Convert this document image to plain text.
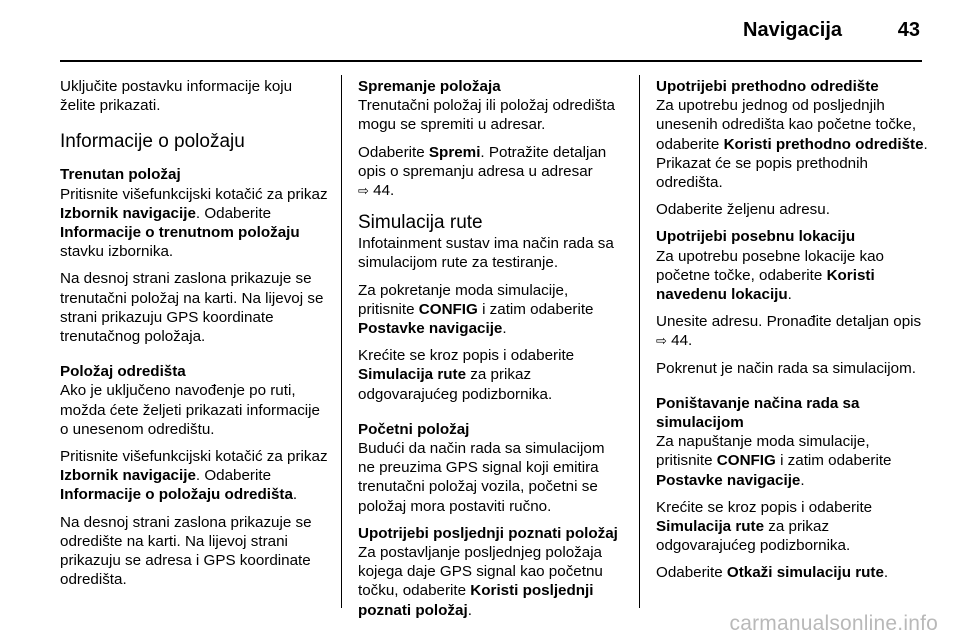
Navigacija	43

Uključite postavku informacije koju želite prikazati.

Informacije o položaju

Trenutan položaj

Pritisnite višefunkcijski kotačić za prikaz Izbornik navigacije. Odaberite Informacije o trenutnom položaju stavku izbornika.

Na desnoj strani zaslona prikazuje se trenutačni položaj na karti. Na lijevoj se strani prikazuju GPS koordinate trenutačnog položaja.

Položaj odredišta

Ako je uključeno navođenje po ruti, možda ćete željeti prikazati informacije o unesenom odredištu.

Pritisnite višefunkcijski kotačić za prikaz Izbornik navigacije. Odaberite Informacije o položaju odredišta.

Na desnoj strani zaslona prikazuje se odredište na karti. Na lijevoj strani prikazuju se adresa i GPS koordinate odredišta.

Spremanje položaja

Trenutačni položaj ili položaj odredišta mogu se spremiti u adresar.

Odaberite Spremi. Potražite detaljan opis o spremanju adresa u adresar
⇨ 44.

Simulacija rute

Infotainment sustav ima način rada sa simulacijom rute za testiranje.

Za pokretanje moda simulacije, pritisnite CONFIG i zatim odaberite Postavke navigacije.

Krećite se kroz popis i odaberite Simulacija rute za prikaz odgovarajućeg podizbornika.

Početni položaj

Budući da način rada sa simulacijom ne preuzima GPS signal koji emitira trenutačni položaj vozila, početni se položaj mora postaviti ručno.

Upotrijebi posljednji poznati položaj

Za postavljanje posljednjeg položaja kojega daje GPS signal kao početnu točku, odaberite Koristi posljednji poznati položaj.

Upotrijebi prethodno odredište

Za upotrebu jednog od posljednjih unesenih odredišta kao početne točke, odaberite Koristi prethodno odredište. Prikazat će se popis prethodnih odredišta.

Odaberite željenu adresu.

Upotrijebi posebnu lokaciju

Za upotrebu posebne lokacije kao početne točke, odaberite Koristi navedenu lokaciju.

Unesite adresu. Pronađite detaljan opis
⇨ 44.

Pokrenut je način rada sa simulacijom.

Poništavanje načina rada sa simulacijom

Za napuštanje moda simulacije, pritisnite CONFIG i zatim odaberite Postavke navigacije.

Krećite se kroz popis i odaberite Simulacija rute za prikaz odgovarajućeg podizbornika.

Odaberite Otkaži simulaciju rute.

carmanualsonline.info
